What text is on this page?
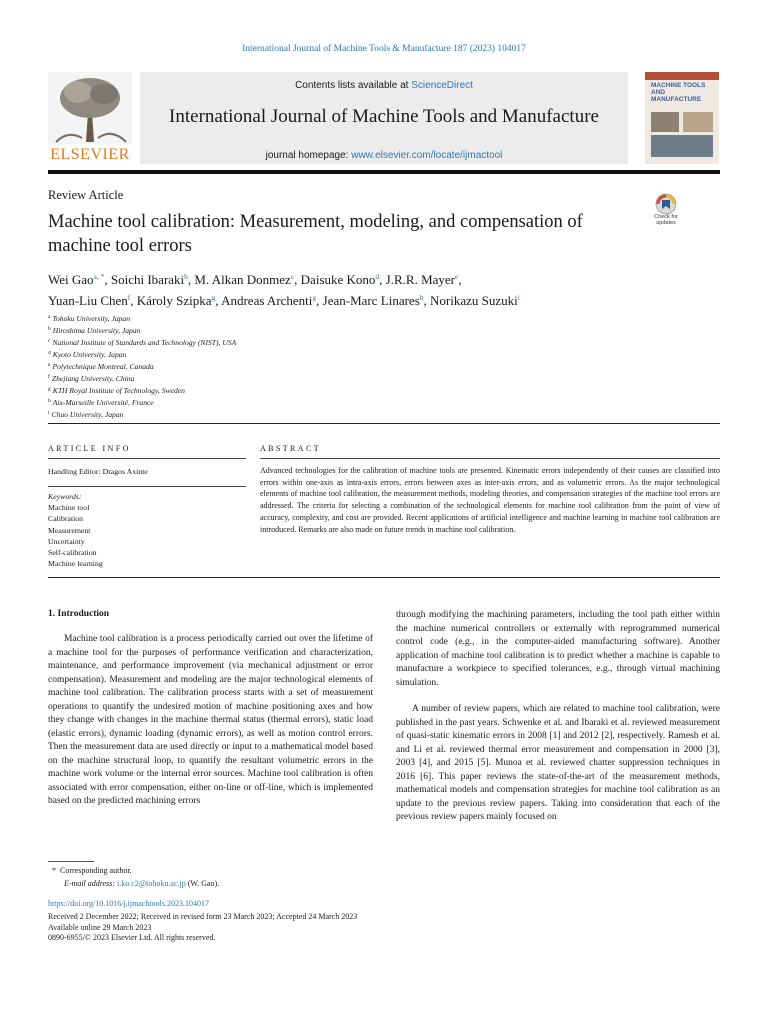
International Journal of Machine Tools & Manufacture 187 (2023) 104017
ELSEVIER
Contents lists available at ScienceDirect
International Journal of Machine Tools and Manufacture
journal homepage: www.elsevier.com/locate/ijmactool
MACHINE TOOLS AND MANUFACTURE
Review Article
Machine tool calibration: Measurement, modeling, and compensation of machine tool errors
Check for updates
Wei Gao$^{a, *}$, Soichi Ibaraki$^b$, M. Alkan Donmez$^c$, Daisuke Kono$^d$, J.R.R. Mayer$^e$,
Yuan-Liu Chen$^f$, Károly Szipka$^g$, Andreas Archenti$^g$, Jean-Marc Linares$^h$, Norikazu Suzuki$^i$
$^a$ Tohoku University, Japan
$^b$ Hiroshima University, Japan
$^c$ National Institute of Standards and Technology (NIST), USA
$^d$ Kyoto University, Japan
$^e$ Polytechnique Montreal, Canada
$^f$ Zhejiang University, China
$^g$ KTH Royal Institute of Technology, Sweden
$^h$ Aix-Marseille Université, France
$^i$ Chuo University, Japan
ARTICLE INFO	ABSTRACT
Handling Editor: Dragos Axinte
Keywords:
Machine tool
Calibration
Measurement
Uncertainty
Self-calibration
Machine learning
Advanced technologies for the calibration of machine tools are presented. Kinematic errors independently of their causes are classified into errors within one-axis as intra-axis errors, errors between axes as inter-axis errors, and as volumetric errors. As the major technological elements of machine tool calibration, the measurement methods, modeling theories, and compensation strategies of the machine tool errors are addressed. The criteria for selecting a combination of the technological elements for machine tool calibration from the point of view of accuracy, complexity, and cost are provided. Recent applications of artificial intelligence and machine learning in machine tool calibration are introduced. Remarks are also made on future trends in machine tool calibration.
1. Introduction
Machine tool calibration is a process periodically carried out over the lifetime of a machine tool for the purposes of performance verification and characterization, maintenance, and performance improvement (via mechanical adjustment or error compensation). Measurement and modeling are the major technological elements of machine tool calibration. The calibration process starts with a set of measurement operations to quantify the undesired motion of machine positioning axes and how they change with changes in the machine thermal status (thermal errors), static load (elastic errors), dynamic loading (dynamic errors), as well as motion control errors. Then the measurement data are used directly or input to a mathematical model based on the machine structural loop, to quantify the resultant volumetric errors in the machine work volume or the internal error sources. Machine tool calibration is often associated with error compensation, either on-line or off-line, which is implemented based on the predicted machining errors
through modifying the machining parameters, including the tool path either within the machine numerical controllers or externally with reprogrammed numerical control code (e.g., in the computer-aided manufacturing software). Another application of machine tool calibration is to predict whether a machine is capable to manufacture a workpiece to specified tolerances, e.g., through virtual machining simulation.
A number of review papers, which are related to machine tool calibration, were published in the past years. Schwenke et al. and Ibaraki et al. reviewed measurement of quasi-static kinematic errors in 2008 [1] and 2012 [2], respectively. Ramesh et al. and Li et al. reviewed thermal error measurement and compensation in 2000 [3], 2003 [4], and 2015 [5]. Munoa et al. reviewed chatter suppression techniques in 2016 [6]. This paper reviews the state-of-the-art of the measurement methods, mathematical models and compensation strategies for machine tool calibration as an update to the previous review papers. Taking into consideration that each of the previous review papers mainly focused on
* Corresponding author.
E-mail address: i.ko.c2@tohoku.ac.jp (W. Gao).
https://doi.org/10.1016/j.ijmachtools.2023.104017
Received 2 December 2022; Received in revised form 23 March 2023; Accepted 24 March 2023
Available online 29 March 2023
0890-6955/© 2023 Elsevier Ltd. All rights reserved.
